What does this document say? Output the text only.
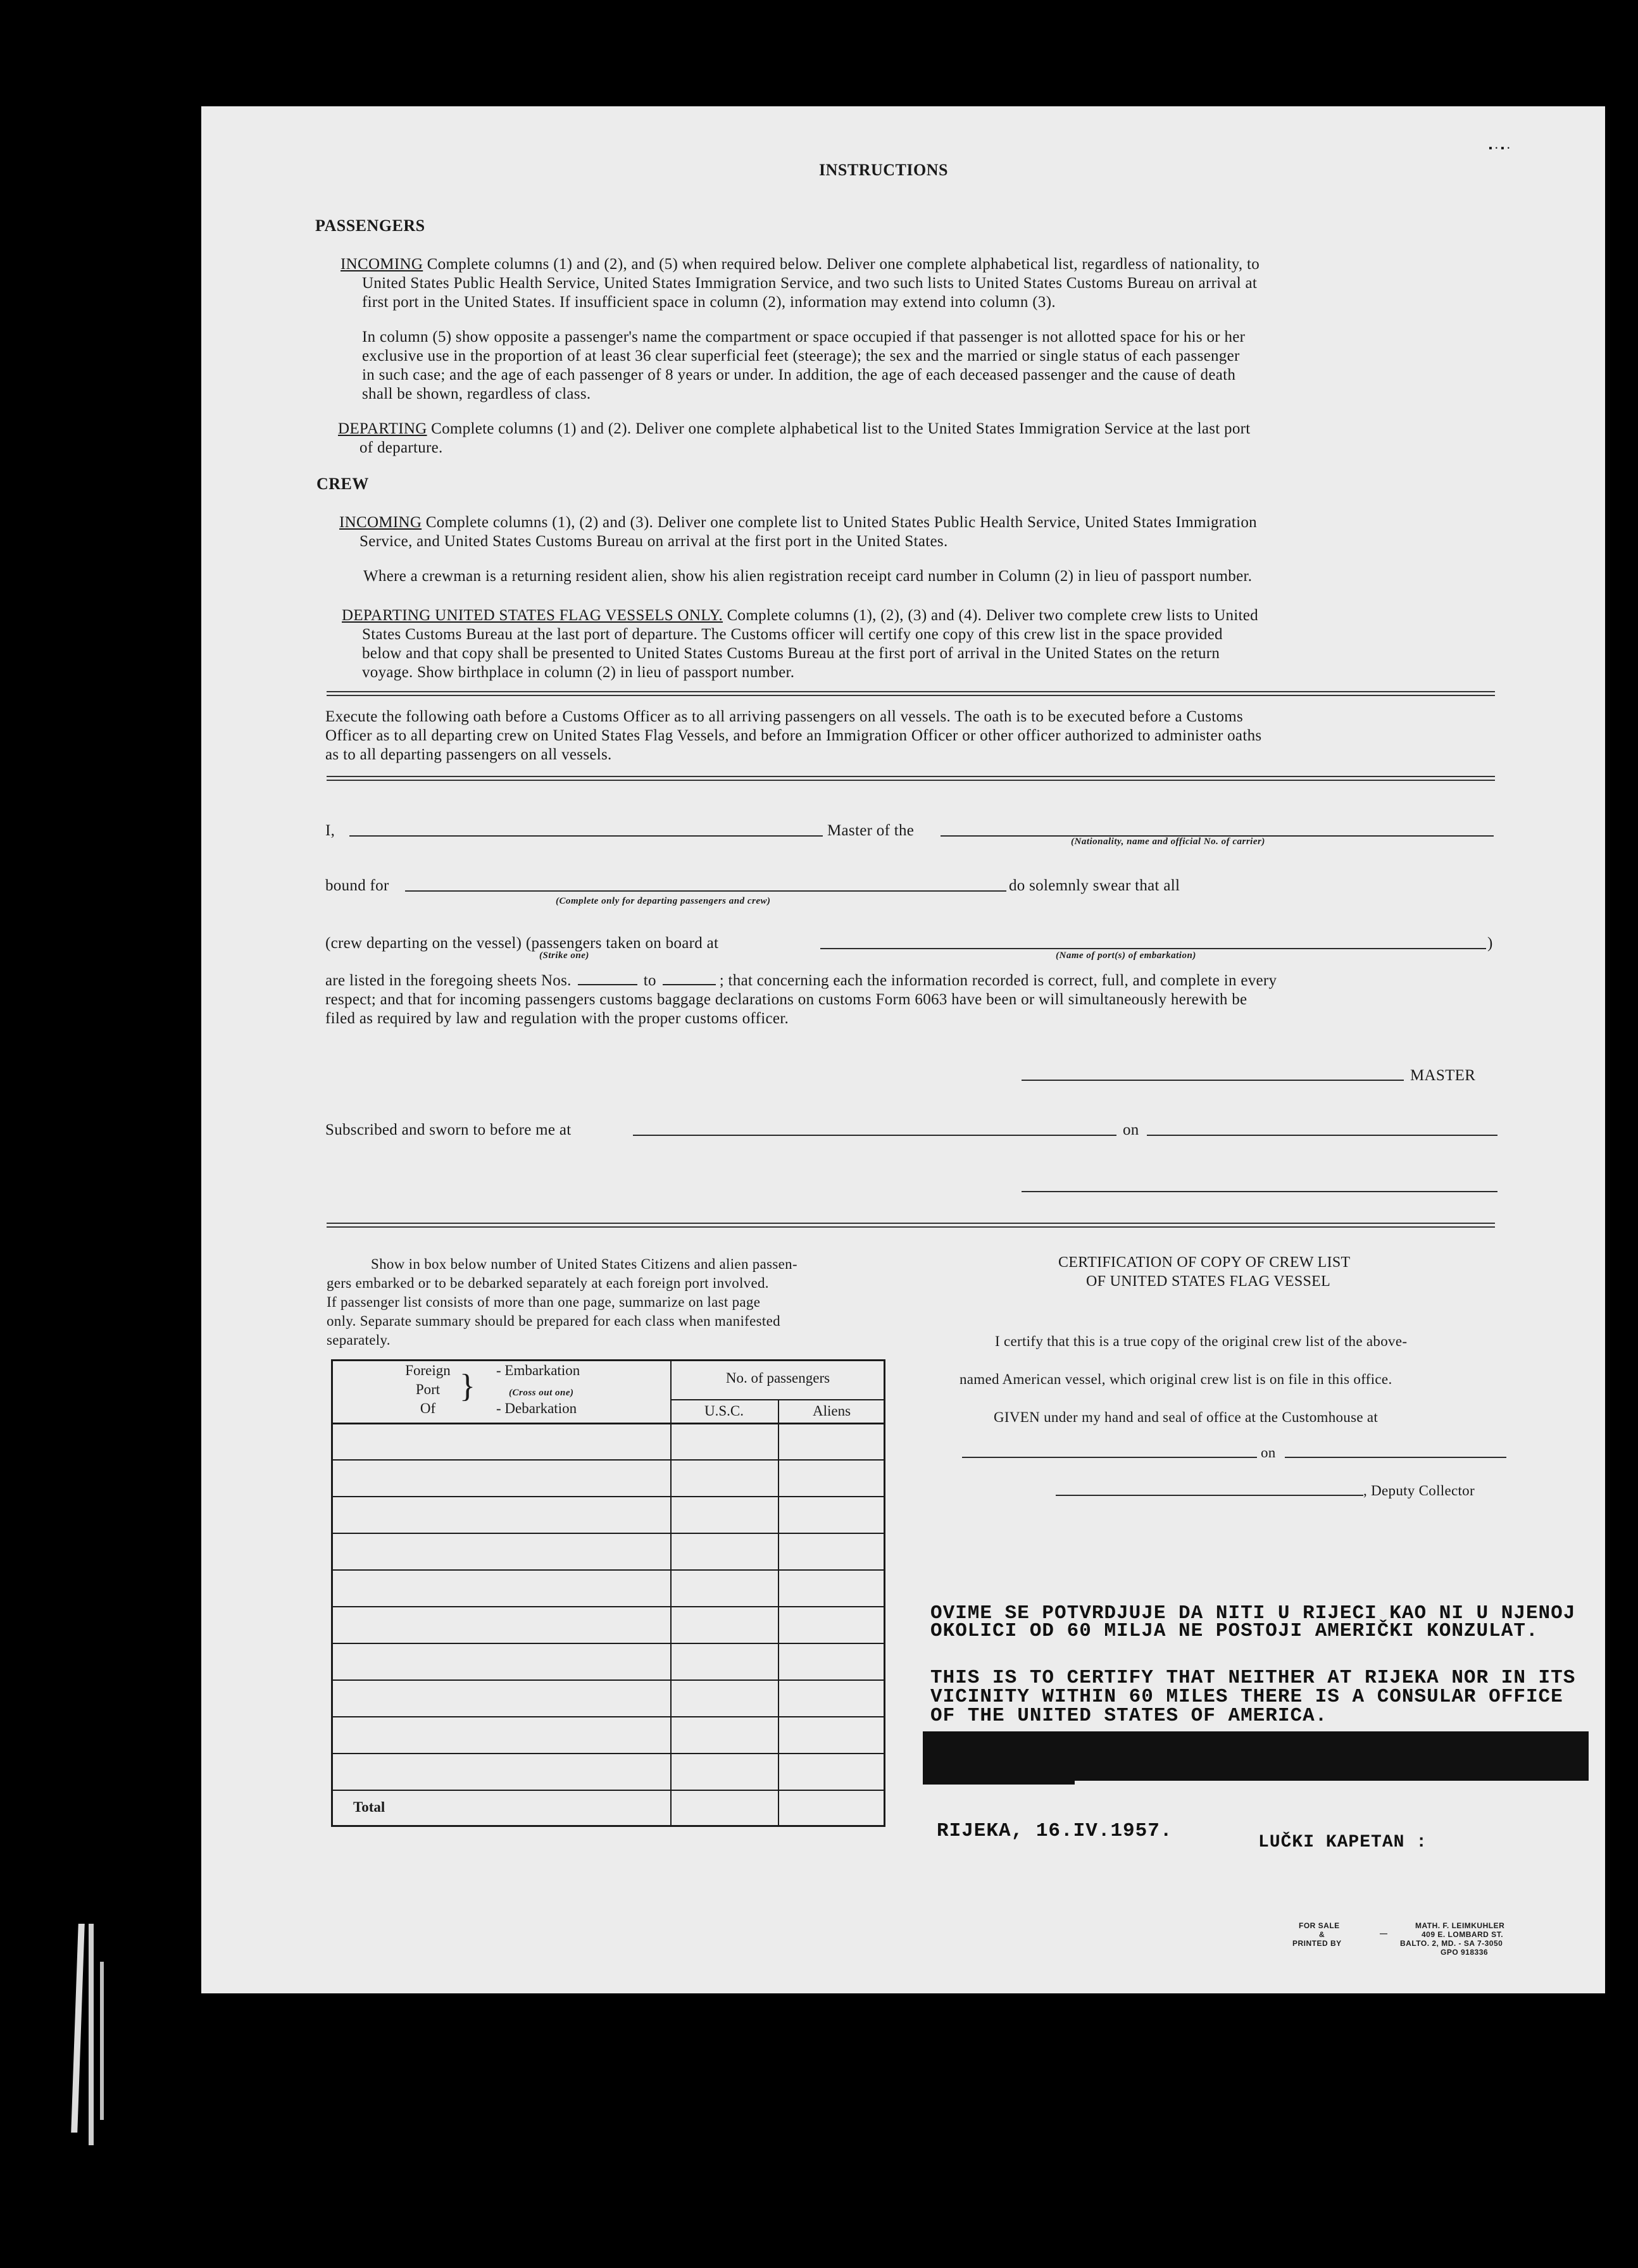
INSTRUCTIONS
▪ · ▪ ·
PASSENGERS
INCOMING Complete columns (1) and (2), and (5) when required below. Deliver one complete alphabetical list, regardless of nationality, to
United States Public Health Service, United States Immigration Service, and two such lists to United States Customs Bureau on arrival at
first port in the United States. If insufficient space in column (2), information may extend into column (3).
In column (5) show opposite a passenger's name the compartment or space occupied if that passenger is not allotted space for his or her
exclusive use in the proportion of at least 36 clear superficial feet (steerage); the sex and the married or single status of each passenger
in such case; and the age of each passenger of 8 years or under. In addition, the age of each deceased passenger and the cause of death
shall be shown, regardless of class.
DEPARTING Complete columns (1) and (2). Deliver one complete alphabetical list to the United States Immigration Service at the last port
of departure.
CREW
INCOMING Complete columns (1), (2) and (3). Deliver one complete list to United States Public Health Service, United States Immigration
Service, and United States Customs Bureau on arrival at the first port in the United States.
Where a crewman is a returning resident alien, show his alien registration receipt card number in Column (2) in lieu of passport number.
DEPARTING UNITED STATES FLAG VESSELS ONLY. Complete columns (1), (2), (3) and (4). Deliver two complete crew lists to United
States Customs Bureau at the last port of departure. The Customs officer will certify one copy of this crew list in the space provided
below and that copy shall be presented to United States Customs Bureau at the first port of arrival in the United States on the return
voyage. Show birthplace in column (2) in lieu of passport number.
Execute the following oath before a Customs Officer as to all arriving passengers on all vessels. The oath is to be executed before a Customs
Officer as to all departing crew on United States Flag Vessels, and before an Immigration Officer or other officer authorized to administer oaths
as to all departing passengers on all vessels.
I,	Master of the
(Nationality, name and official No. of carrier)
bound for
(Complete only for departing passengers and crew)
do solemnly swear that all
(crew departing on the vessel) (passengers taken on board at
(Strike one)	(Name of port(s) of embarkation)
)
are listed in the foregoing sheets Nos.	to	; that concerning each the information recorded is correct, full, and complete in every
respect; and that for incoming passengers customs baggage declarations on customs Form 6063 have been or will simultaneously herewith be
filed as required by law and regulation with the proper customs officer.
MASTER
Subscribed and sworn to before me at	on
Show in box below number of United States Citizens and alien passen-
gers embarked or to be debarked separately at each foreign port involved.
If passenger list consists of more than one page, summarize on last page
only. Separate summary should be prepared for each class when manifested
separately.
Foreign
Port
Of
} - Embarkation
(Cross out one)
- Debarkation
No. of passengers
U.S.C.	Aliens
Total
CERTIFICATION OF COPY OF CREW LIST
OF UNITED STATES FLAG VESSEL
I certify that this is a true copy of the original crew list of the above-
named American vessel, which original crew list is on file in this office.
GIVEN under my hand and seal of office at the Customhouse at
on
, Deputy Collector
OVIME SE POTVRDJUJE DA NITI U RIJECI KAO NI U NJENOJ
OKOLICI OD 60 MILJA NE POSTOJI AMERIČKI KONZULAT.
THIS IS TO CERTIFY THAT NEITHER AT RIJEKA NOR IN ITS
VICINITY WITHIN 60 MILES THERE IS A CONSULAR OFFICE
OF THE UNITED STATES OF AMERICA.
RIJEKA, 16.IV.1957.
LUČKI KAPETAN :
FOR SALE
&
PRINTED BY
—
MATH. F. LEIMKUHLER
409 E. LOMBARD ST.
BALTO. 2, MD. - SA 7-3050
GPO 918336
